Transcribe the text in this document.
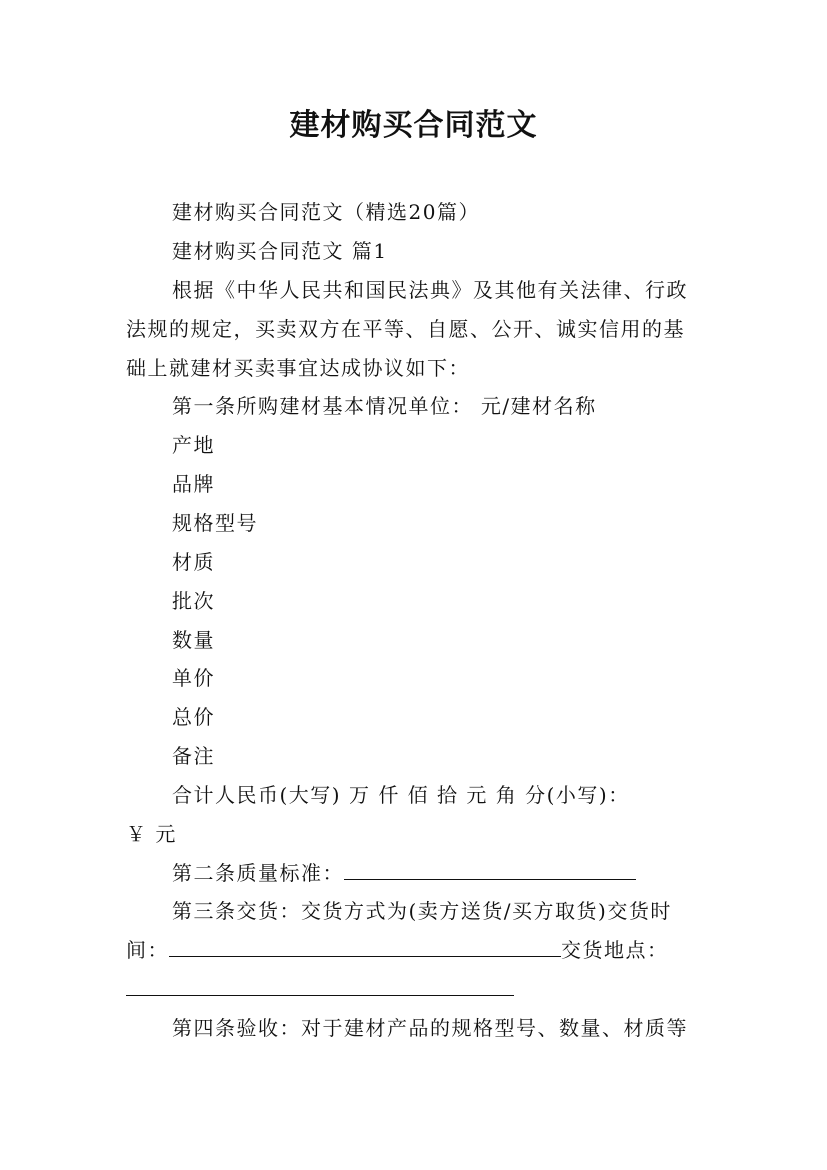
建材购买合同范文
建材购买合同范文（精选20篇）
建材购买合同范文 篇1
根据《中华人民共和国民法典》及其他有关法律、行政
法规的规定，买卖双方在平等、自愿、公开、诚实信用的基
础上就建材买卖事宜达成协议如下：
第一条所购建材基本情况单位： 元/建材名称
产地
品牌
规格型号
材质
批次
数量
单价
总价
备注
合计人民币(大写) 万 仟 佰 拾 元 角 分(小写)：
￥ 元
第二条质量标准：
第三条交货：交货方式为(卖方送货/买方取货)交货时
间：	交货地点：
第四条验收：对于建材产品的规格型号、数量、材质等
